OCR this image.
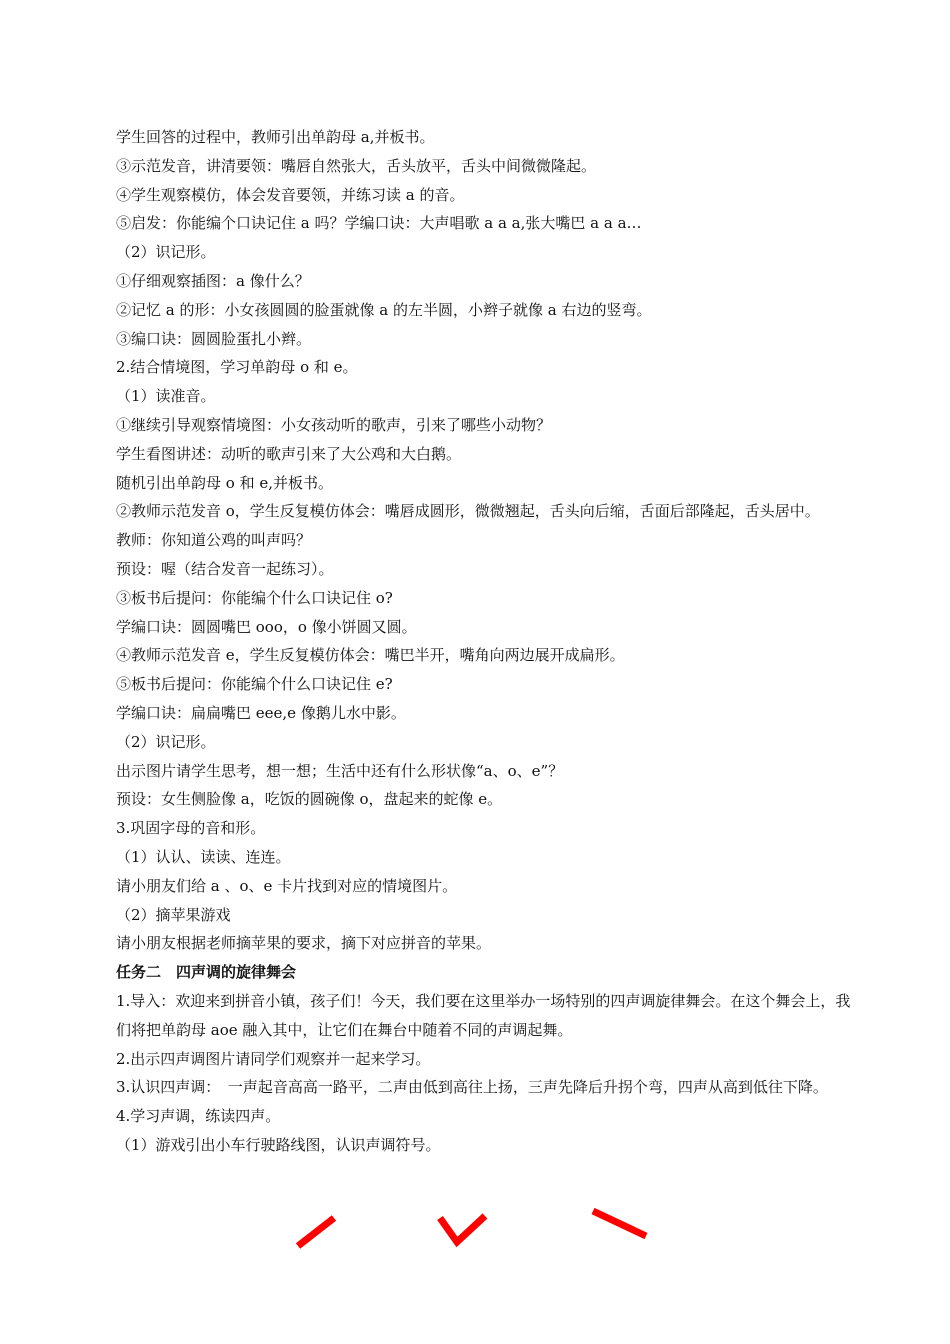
学生回答的过程中，教师引出单韵母 a,并板书。

③示范发音，讲清要领：嘴唇自然张大，舌头放平，舌头中间微微隆起。

④学生观察模仿，体会发音要领，并练习读 a 的音。

⑤启发：你能编个口诀记住 a 吗？学编口诀：大声唱歌 a a a,张大嘴巴 a a a…

（2）识记形。

①仔细观察插图：a 像什么？

②记忆 a 的形：小女孩圆圆的脸蛋就像 a 的左半圆，小辫子就像 a 右边的竖弯。

③编口诀：圆圆脸蛋扎小辫。

2.结合情境图，学习单韵母 o 和 e。

（1）读准音。

①继续引导观察情境图：小女孩动听的歌声，引来了哪些小动物？

学生看图讲述：动听的歌声引来了大公鸡和大白鹅。

随机引出单韵母 o 和 e,并板书。

②教师示范发音 o，学生反复模仿体会：嘴唇成圆形，微微翘起，舌头向后缩，舌面后部隆起，舌头居中。

教师：你知道公鸡的叫声吗？

预设：喔（结合发音一起练习）。

③板书后提问：你能编个什么口诀记住 o?

学编口诀：圆圆嘴巴 ooo，o 像小饼圆又圆。

④教师示范发音 e，学生反复模仿体会：嘴巴半开，嘴角向两边展开成扁形。

⑤板书后提问：你能编个什么口诀记住 e?

学编口诀：扁扁嘴巴 eee,e 像鹅儿水中影。

（2）识记形。

出示图片请学生思考，想一想；生活中还有什么形状像“a、o、e”？

预设：女生侧脸像 a，吃饭的圆碗像 o，盘起来的蛇像 e。

3.巩固字母的音和形。

（1）认认、读读、连连。

请小朋友们给 a 、o、e 卡片找到对应的情境图片。

（2）摘苹果游戏

请小朋友根据老师摘苹果的要求，摘下对应拼音的苹果。

任务二　四声调的旋律舞会

1.导入：欢迎来到拼音小镇，孩子们！今天，我们要在这里举办一场特别的四声调旋律舞会。在这个舞会上，我们将把单韵母 aoe 融入其中，让它们在舞台中随着不同的声调起舞。

2.出示四声调图片请同学们观察并一起来学习。

3.认识四声调：　一声起音高高一路平，二声由低到高往上扬，三声先降后升拐个弯，四声从高到低往下降。

4.学习声调，练读四声。

（1）游戏引出小车行驶路线图，认识声调符号。
